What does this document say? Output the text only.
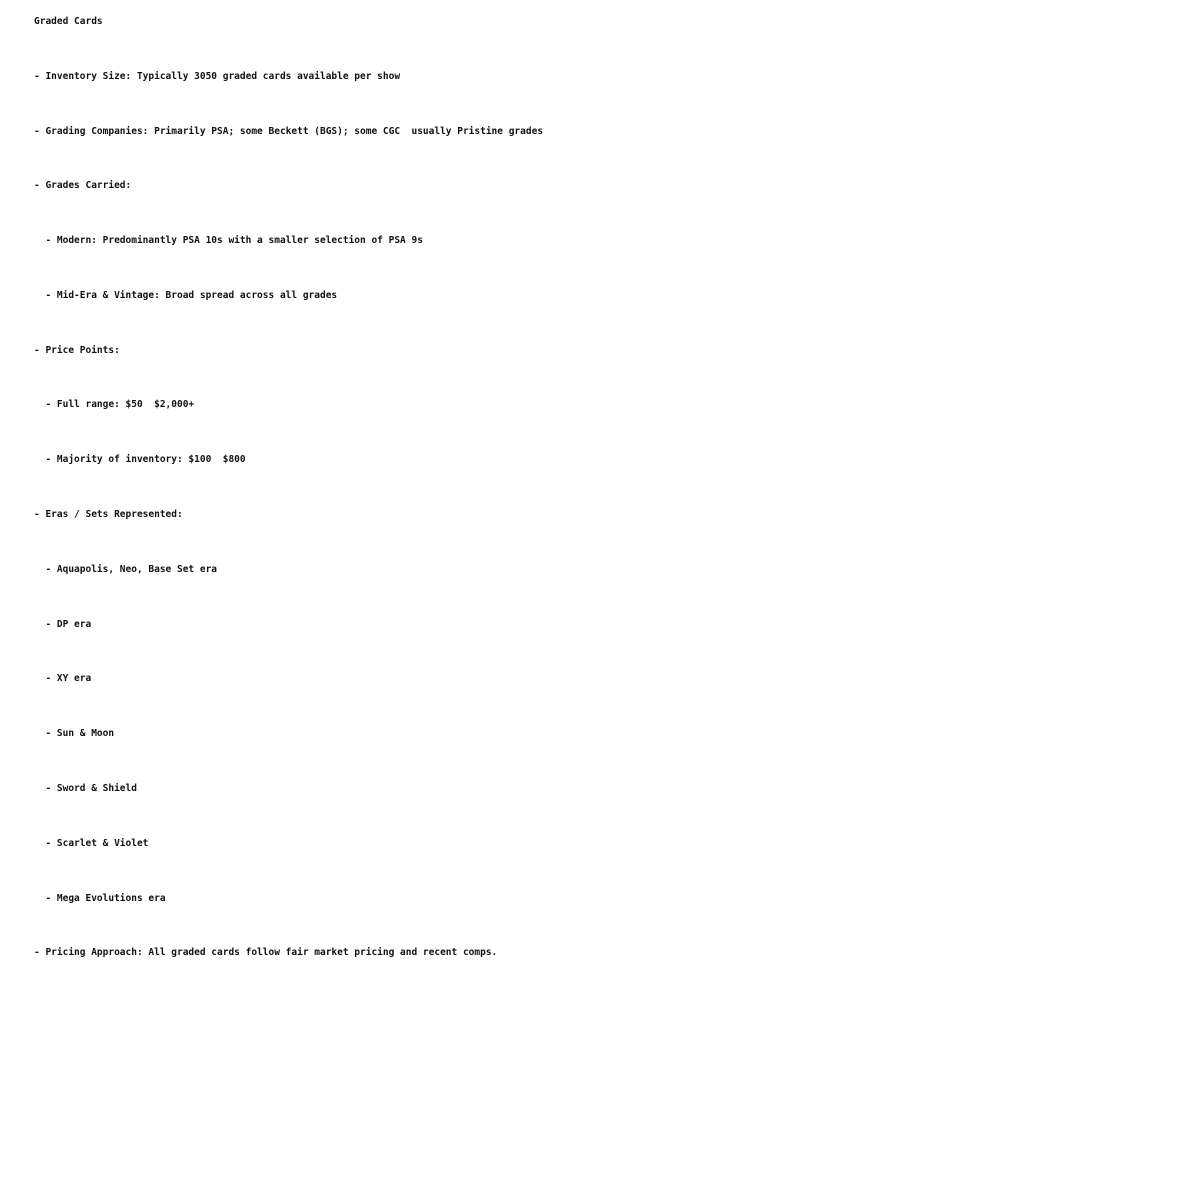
Graded Cards
- Inventory Size: Typically 3050 graded cards available per show
- Grading Companies: Primarily PSA; some Beckett (BGS); some CGC  usually Pristine grades
- Grades Carried:
- Modern: Predominantly PSA 10s with a smaller selection of PSA 9s
- Mid-Era & Vintage: Broad spread across all grades
- Price Points:
- Full range: $50  $2,000+
- Majority of inventory: $100  $800
- Eras / Sets Represented:
- Aquapolis, Neo, Base Set era
- DP era
- XY era
- Sun & Moon
- Sword & Shield
- Scarlet & Violet
- Mega Evolutions era
- Pricing Approach: All graded cards follow fair market pricing and recent comps.
